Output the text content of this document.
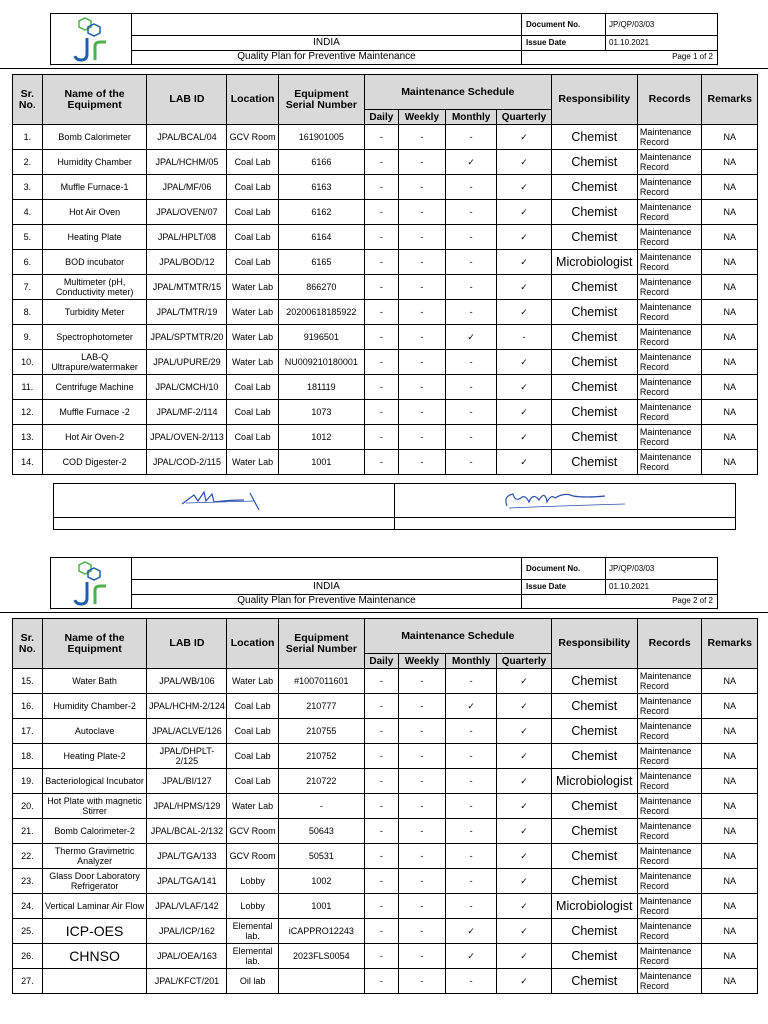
		Document No.	JP/QP/03/03
	INDIA	Issue Date	01.10.2021
	Quality Plan for Preventive Maintenance	Page 1 of 2	
Sr. No.	Name of the Equipment	LAB ID	Location	Equipment Serial Number	Maintenance Schedule				Responsibility	Records	Remarks
					Daily	Weekly	Monthly	Quarterly			
1.	Bomb Calorimeter	JPAL/BCAL/04	GCV Room	161901005	-	-	-	✓	Chemist	Maintenance Record	NA
2.	Humidity Chamber	JPAL/HCHM/05	Coal Lab	6166	-	-	✓	✓	Chemist	Maintenance Record	NA
3.	Muffle Furnace-1	JPAL/MF/06	Coal Lab	6163	-	-	-	✓	Chemist	Maintenance Record	NA
4.	Hot Air Oven	JPAL/OVEN/07	Coal Lab	6162	-	-	-	✓	Chemist	Maintenance Record	NA
5.	Heating Plate	JPAL/HPLT/08	Coal Lab	6164	-	-	-	✓	Chemist	Maintenance Record	NA
6.	BOD incubator	JPAL/BOD/12	Coal Lab	6165	-	-	-	✓	Microbiologist	Maintenance Record	NA
7.	Multimeter (pH, Conductivity meter)	JPAL/MTMTR/15	Water Lab	866270	-	-	-	✓	Chemist	Maintenance Record	NA
8.	Turbidity Meter	JPAL/TMTR/19	Water Lab	20200618185922	-	-	-	✓	Chemist	Maintenance Record	NA
9.	Spectrophotometer	JPAL/SPTMTR/20	Water Lab	9196501	-	-	✓	-	Chemist	Maintenance Record	NA
10.	LAB-Q Ultrapure/watermaker	JPAL/UPURE/29	Water Lab	NU009210180001	-	-	-	✓	Chemist	Maintenance Record	NA
11.	Centrifuge Machine	JPAL/CMCH/10	Coal Lab	181119	-	-	-	✓	Chemist	Maintenance Record	NA
12.	Muffle Furnace -2	JPAL/MF-2/114	Coal Lab	1073	-	-	-	✓	Chemist	Maintenance Record	NA
13.	Hot Air Oven-2	JPAL/OVEN-2/113	Coal Lab	1012	-	-	-	✓	Chemist	Maintenance Record	NA
14.	COD Digester-2	JPAL/COD-2/115	Water Lab	1001	-	-	-	✓	Chemist	Maintenance Record	NA

		Document No.	JP/QP/03/03
	INDIA	Issue Date	01.10.2021
	Quality Plan for Preventive Maintenance	Page 2 of 2	
Sr. No.	Name of the Equipment	LAB ID	Location	Equipment Serial Number	Maintenance Schedule				Responsibility	Records	Remarks
					Daily	Weekly	Monthly	Quarterly			
15.	Water Bath	JPAL/WB/106	Water Lab	#1007011601	-	-	-	✓	Chemist	Maintenance Record	NA
16.	Humidity Chamber-2	JPAL/HCHM-2/124	Coal Lab	210777	-	-	✓	✓	Chemist	Maintenance Record	NA
17.	Autoclave	JPAL/ACLVE/126	Coal Lab	210755	-	-	-	✓	Chemist	Maintenance Record	NA
18.	Heating Plate-2	JPAL/DHPLT-2/125	Coal Lab	210752	-	-	-	✓	Chemist	Maintenance Record	NA
19.	Bacteriological Incubator	JPAL/BI/127	Coal Lab	210722	-	-	-	✓	Microbiologist	Maintenance Record	NA
20.	Hot Plate with magnetic Stirrer	JPAL/HPMS/129	Water Lab	-	-	-	-	✓	Chemist	Maintenance Record	NA
21.	Bomb Calorimeter-2	JPAL/BCAL-2/132	GCV Room	50643	-	-	-	✓	Chemist	Maintenance Record	NA
22.	Thermo Gravimetric Analyzer	JPAL/TGA/133	GCV Room	50531	-	-	-	✓	Chemist	Maintenance Record	NA
23.	Glass Door Laboratory Refrigerator	JPAL/TGA/141	Lobby	1002	-	-	-	✓	Chemist	Maintenance Record	NA
24.	Vertical Laminar Air Flow	JPAL/VLAF/142	Lobby	1001	-	-	-	✓	Microbiologist	Maintenance Record	NA
25.	ICP-OES	JPAL/ICP/162	Elemental lab.	iCAPPRO12243	-	-	✓	✓	Chemist	Maintenance Record	NA
26.	CHNSO	JPAL/OEA/163	Elemental lab.	2023FLS0054	-	-	✓	✓	Chemist	Maintenance Record	NA
27.		JPAL/KFCT/201	Oil lab		-	-	-	✓	Chemist	Maintenance Record	NA
